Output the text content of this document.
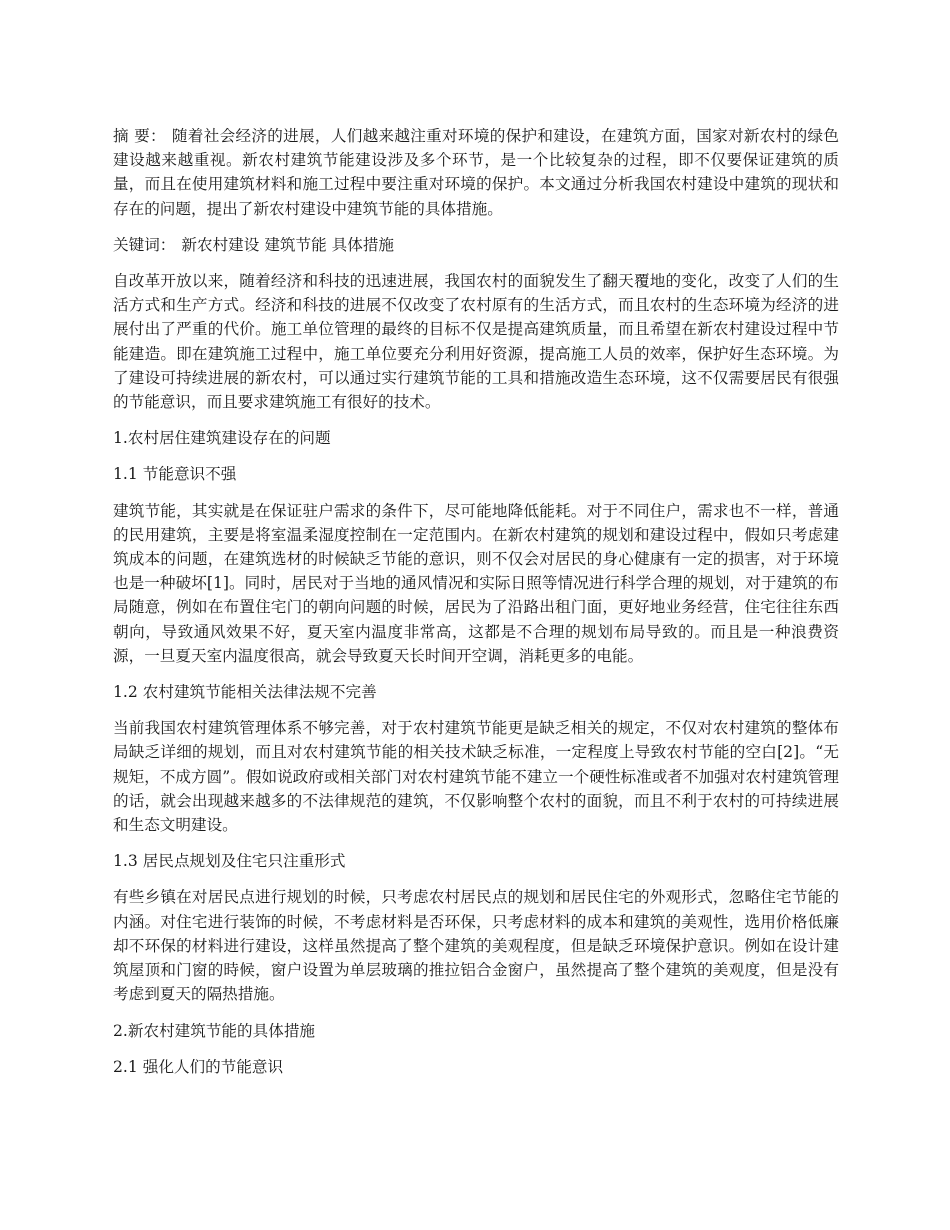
摘 要： 随着社会经济的进展，人们越来越注重对环境的保护和建设，在建筑方面，国家对新农村的绿色建设越来越重视。新农村建筑节能建设涉及多个环节，是一个比较复杂的过程，即不仅要保证建筑的质量，而且在使用建筑材料和施工过程中要注重对环境的保护。本文通过分析我国农村建设中建筑的现状和存在的问题，提出了新农村建设中建筑节能的具体措施。

关键词： 新农村建设 建筑节能 具体措施

自改革开放以来，随着经济和科技的迅速进展，我国农村的面貌发生了翻天覆地的变化，改变了人们的生活方式和生产方式。经济和科技的进展不仅改变了农村原有的生活方式，而且农村的生态环境为经济的进展付出了严重的代价。施工单位管理的最终的目标不仅是提高建筑质量，而且希望在新农村建设过程中节能建造。即在建筑施工过程中，施工单位要充分利用好资源，提高施工人员的效率，保护好生态环境。为了建设可持续进展的新农村，可以通过实行建筑节能的工具和措施改造生态环境，这不仅需要居民有很强的节能意识，而且要求建筑施工有很好的技术。

1.农村居住建筑建设存在的问题

1.1 节能意识不强

建筑节能，其实就是在保证驻户需求的条件下，尽可能地降低能耗。对于不同住户，需求也不一样，普通的民用建筑，主要是将室温柔湿度控制在一定范围内。在新农村建筑的规划和建设过程中，假如只考虑建筑成本的问题，在建筑选材的时候缺乏节能的意识，则不仅会对居民的身心健康有一定的损害，对于环境也是一种破坏[1]。同时，居民对于当地的通风情况和实际日照等情况进行科学合理的规划，对于建筑的布局随意，例如在布置住宅门的朝向问题的时候，居民为了沿路出租门面，更好地业务经营，住宅往往东西朝向，导致通风效果不好，夏天室内温度非常高，这都是不合理的规划布局导致的。而且是一种浪费资源，一旦夏天室内温度很高，就会导致夏天长时间开空调，消耗更多的电能。

1.2 农村建筑节能相关法律法规不完善

当前我国农村建筑管理体系不够完善，对于农村建筑节能更是缺乏相关的规定，不仅对农村建筑的整体布局缺乏详细的规划，而且对农村建筑节能的相关技术缺乏标准，一定程度上导致农村节能的空白[2]。“无规矩，不成方圆”。假如说政府或相关部门对农村建筑节能不建立一个硬性标准或者不加强对农村建筑管理的话，就会出现越来越多的不法律规范的建筑，不仅影响整个农村的面貌，而且不利于农村的可持续进展和生态文明建设。

1.3 居民点规划及住宅只注重形式

有些乡镇在对居民点进行规划的时候，只考虑农村居民点的规划和居民住宅的外观形式，忽略住宅节能的内涵。对住宅进行装饰的时候，不考虑材料是否环保，只考虑材料的成本和建筑的美观性，选用价格低廉却不环保的材料进行建设，这样虽然提高了整个建筑的美观程度，但是缺乏环境保护意识。例如在设计建筑屋顶和门窗的時候，窗户设置为单层玻璃的推拉铝合金窗户，虽然提高了整个建筑的美观度，但是没有考虑到夏天的隔热措施。

2.新农村建筑节能的具体措施

2.1 强化人们的节能意识
